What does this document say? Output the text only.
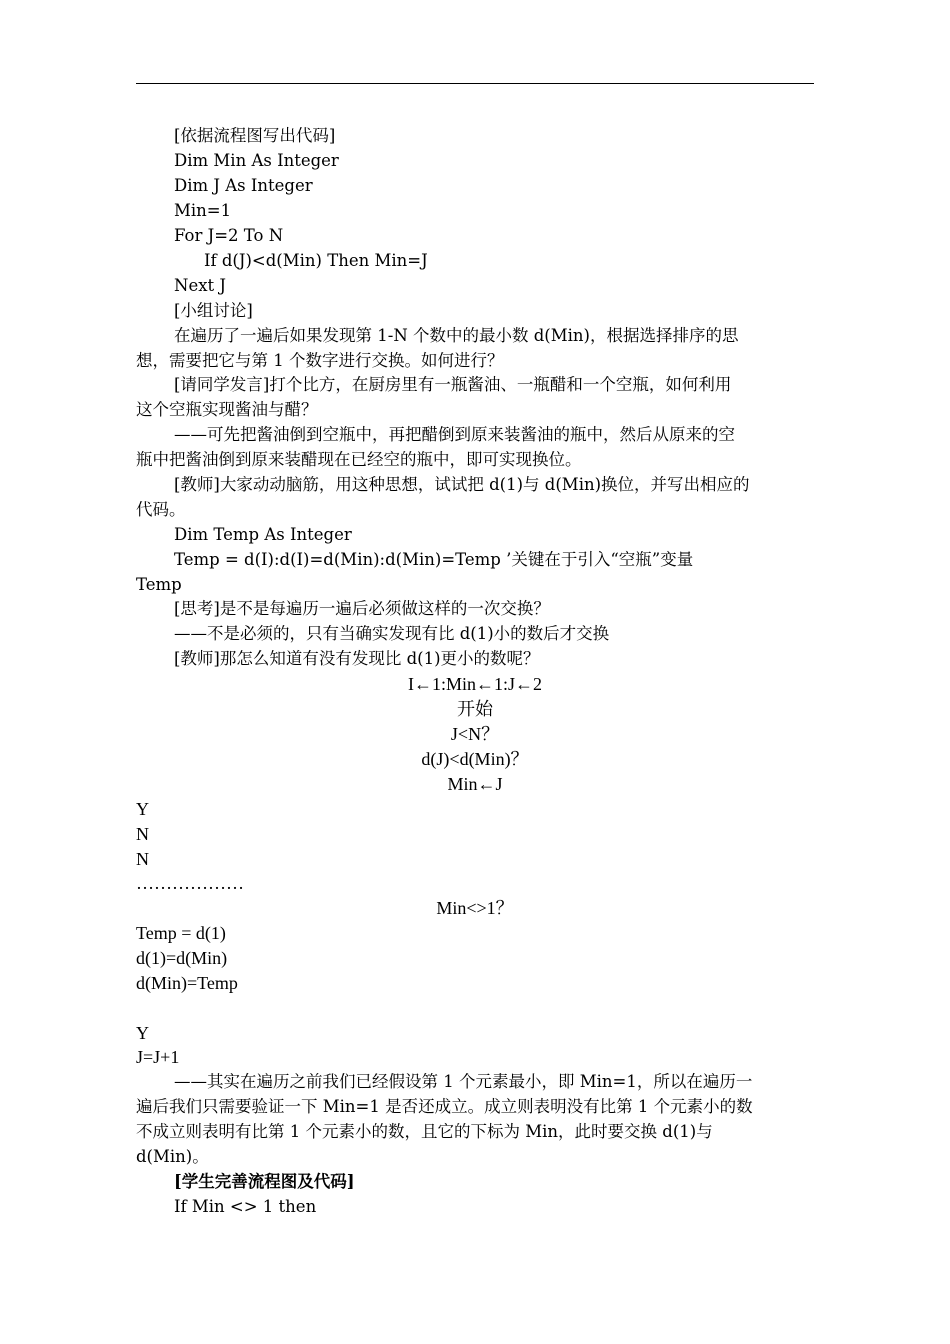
[依据流程图写出代码]
Dim Min As Integer
Dim J As Integer
Min=1
For J=2 To N
If d(J)<d(Min) Then Min=J
Next J
[小组讨论]
在遍历了一遍后如果发现第 1-N 个数中的最小数 d(Min)，根据选择排序的思
想，需要把它与第 1 个数字进行交换。如何进行？
[请同学发言]打个比方，在厨房里有一瓶酱油、一瓶醋和一个空瓶，如何利用
这个空瓶实现酱油与醋？
——可先把酱油倒到空瓶中，再把醋倒到原来装酱油的瓶中，然后从原来的空
瓶中把酱油倒到原来装醋现在已经空的瓶中，即可实现换位。
[教师]大家动动脑筋，用这种思想，试试把 d(1)与 d(Min)换位，并写出相应的
代码。
Dim Temp As Integer
Temp = d(I):d(I)=d(Min):d(Min)=Temp ’关键在于引入“空瓶”变量
Temp
[思考]是不是每遍历一遍后必须做这样的一次交换？
——不是必须的，只有当确实发现有比 d(1)小的数后才交换
[教师]那怎么知道有没有发现比 d(1)更小的数呢？
I←1:Min←1:J←2
开始
J<N？
d(J)<d(Min)？
Min←J
Y
N
N
………………
Min<>1？
Temp = d(1)
d(1)=d(Min)
d(Min)=Temp
Y
J=J+1
——其实在遍历之前我们已经假设第 1 个元素最小，即 Min=1，所以在遍历一
遍后我们只需要验证一下 Min=1 是否还成立。成立则表明没有比第 1 个元素小的数
不成立则表明有比第 1 个元素小的数，且它的下标为 Min，此时要交换 d(1)与
d(Min)。
[学生完善流程图及代码]
If Min <> 1 then
